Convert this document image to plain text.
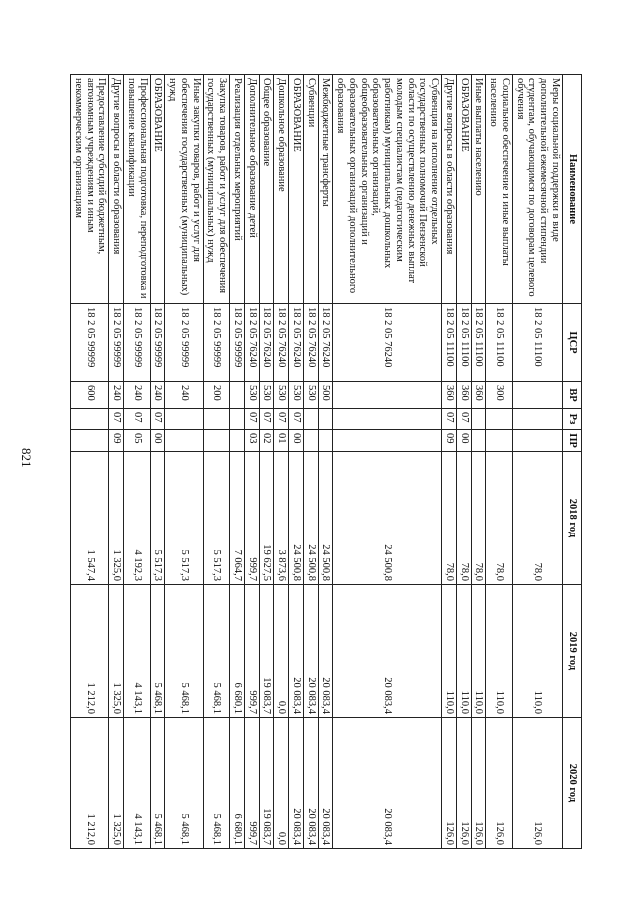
821
Наименование	ЦСР	ВР	Рз	ПР	2018 год	2019 год	2020 год
Меры социальной поддержки в виде дополнительной ежемесячной стипендии студентам, обучающимся по договорам целевого обучения	18 2 05 11100				78,0	110,0	126,0
Социальное обеспечение и иные выплаты населению	18 2 05 11100	300			78,0	110,0	126,0
Иные выплаты населению	18 2 05 11100	360			78,0	110,0	126,0
ОБРАЗОВАНИЕ	18 2 05 11100	360	07	00	78,0	110,0	126,0
Другие вопросы в области образования	18 2 05 11100	360	07	09	78,0	110,0	126,0
Субвенция на исполнение отдельных государственных полномочий Пензенской области по осуществлению денежных выплат молодым специалистам (педагогическим работникам) муниципальных дошкольных образовательных организаций, общеобразовательных организаций и образовательных организаций дополнительного образования	18 2 05 76240				24 500,8	20 083,4	20 083,4
Межбюджетные трансферты	18 2 05 76240	500			24 500,8	20 083,4	20 083,4
Субвенции	18 2 05 76240	530			24 500,8	20 083,4	20 083,4
ОБРАЗОВАНИЕ	18 2 05 76240	530	07	00	24 500,8	20 083,4	20 083,4
Дошкольное образование	18 2 05 76240	530	07	01	3 873,6	0,0	0,0
Общее образование	18 2 05 76240	530	07	02	19 627,5	19 083,7	19 083,7
Дополнительное образование детей	18 2 05 76240	530	07	03	999,7	999,7	999,7
Реализация отдельных мероприятий	18 2 05 99999				7 064,7	6 680,1	6 680,1
Закупка товаров, работ и услуг для обеспечения государственных (муниципальных) нужд	18 2 05 99999	200			5 517,3	5 468,1	5 468,1
Иные закупки товаров, работ и услуг для обеспечения государственных (муниципальных) нужд	18 2 05 99999	240			5 517,3	5 468,1	5 468,1
ОБРАЗОВАНИЕ	18 2 05 99999	240	07	00	5 517,3	5 468,1	5 468,1
Профессиональная подготовка, переподготовка и повышение квалификации	18 2 05 99999	240	07	05	4 192,3	4 143,1	4 143,1
Другие вопросы в области образования	18 2 05 99999	240	07	09	1 325,0	1 325,0	1 325,0
Предоставление субсидий бюджетным, автономным учреждениям и иным некоммерческим организациям	18 2 05 99999	600			1 547,4	1 212,0	1 212,0
